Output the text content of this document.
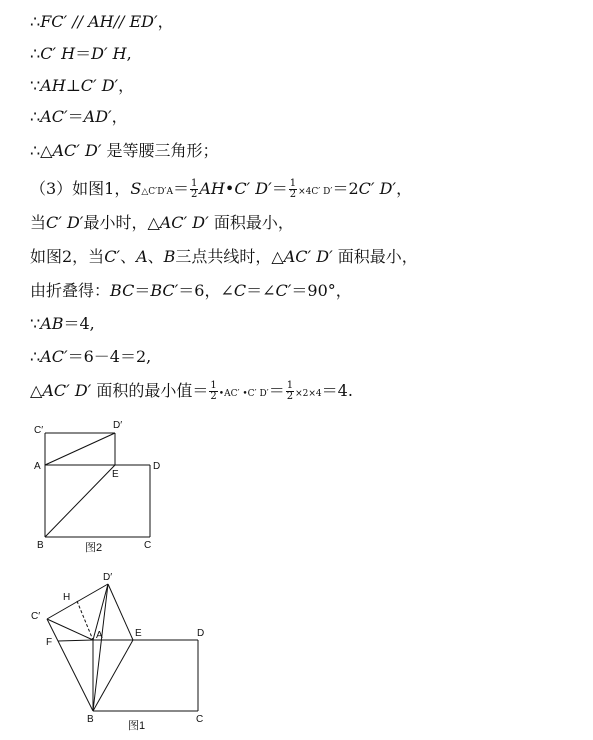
∴FC′ // AH// ED′，
∴C′ H＝D′ H,
∵AH⊥C′ D′，
∴AC′＝AD′，
∴△AC′ D′ 是等腰三角形；
（3）如图1，S△C′D′A＝ $\frac{1}{2}$ AH•C′ $D'= \frac{1}{2} \times 4C'$ D′＝2C′ D′，
当C′ D′最小时，△AC′ D′ 面积最小，
如图2，当C′、A、B三点共线时，△AC′ D′ 面积最小，
由折叠得：BC＝BC′＝6，∠C＝∠C′＝90°，
∵AB＝4,
∴AC′＝6－4＝2,
△AC′ D′ 面积的最小值＝ $\frac{1}{2}$ •AC′ •C′ $D'= \frac{1}{2} \times 2\times 4=4$.
C′	D′
A
E
D
B	C
图2
D′
H
C′
F
A	E	D
B	C
图1
